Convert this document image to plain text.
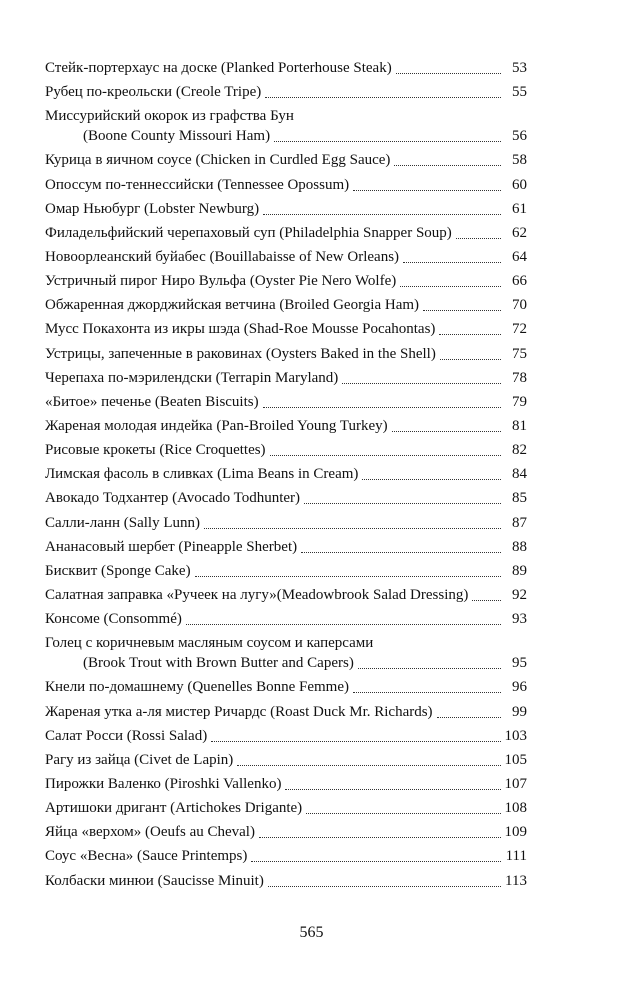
Стейк-портерхаус на доске (Planked Porterhouse Steak)	53
Рубец по-креольски (Creole Tripe)	55
Миссурийский окорок из графства Бун
(Boone County Missouri Ham)	56
Курица в яичном соусе (Chicken in Curdled Egg Sauce)	58
Опоссум по-теннессийски (Tennessee Opossum)	60
Омар Ньюбург (Lobster Newburg)	61
Филадельфийский черепаховый суп (Philadelphia Snapper Soup)	62
Новоорлеанский буйабес (Bouillabaisse of New Orleans)	64
Устричный пирог Ниро Вульфа (Oyster Pie Nero Wolfe)	66
Обжаренная джорджийская ветчина (Broiled Georgia Ham)	70
Мусс Покахонта из икры шэда (Shad-Roe Mousse Pocahontas)	72
Устрицы, запеченные в раковинах (Oysters Baked in the Shell)	75
Черепаха по-мэрилендски (Terrapin Maryland)	78
«Битое» печенье (Beaten Biscuits)	79
Жареная молодая индейка (Pan-Broiled Young Turkey)	81
Рисовые крокеты (Rice Croquettes)	82
Лимская фасоль в сливках (Lima Beans in Cream)	84
Авокадо Тодхантер (Avocado Todhunter)	85
Салли-ланн (Sally Lunn)	87
Ананасовый шербет (Pineapple Sherbet)	88
Бисквит (Sponge Cake)	89
Салатная заправка «Ручеек на лугу»(Meadowbrook Salad Dressing)	92
Консоме (Consommé)	93
Голец с коричневым масляным соусом и каперсами
(Brook Trout with Brown Butter and Capers)	95
Кнели по-домашнему (Quenelles Bonne Femme)	96
Жареная утка а-ля мистер Ричардс (Roast Duck Mr. Richards)	99
Салат Росси (Rossi Salad)	103
Рагу из зайца (Civet de Lapin)	105
Пирожки Валенко (Piroshki Vallenko)	107
Артишоки дригант (Artichokes Drigante)	108
Яйца «верхом» (Oeufs au Cheval)	109
Соус «Весна» (Sauce Printemps)	111
Колбаски минюи (Saucisse Minuit)	113
565
